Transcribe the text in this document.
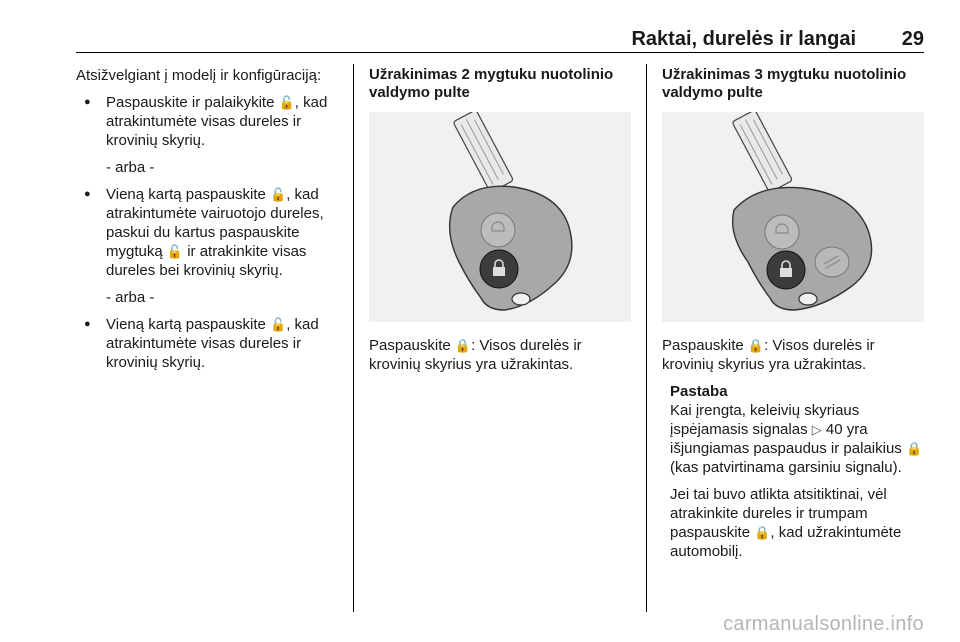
Raktai, durelės ir langai 29

Atsižvelgiant į modelį ir konfigūraciją:

● Paspauskite ir palaikykite 🔓, kad atrakintumėte visas dureles ir krovinių skyrių.
- arba -
● Vieną kartą paspauskite 🔓, kad atrakintumėte vairuotojo dureles, paskui du kartus paspauskite mygtuką 🔓 ir atrakinkite visas dureles bei krovinių skyrių.
- arba -
● Vieną kartą paspauskite 🔓, kad atrakintumėte visas dureles ir krovinių skyrių.
Užrakinimas 2 mygtuku nuotolinio valdymo pulte

Paspauskite 🔒: Visos durelės ir krovinių skyrius yra užrakintas.

Užrakinimas 3 mygtuku nuotolinio valdymo pulte

Paspauskite 🔒: Visos durelės ir krovinių skyrius yra užrakintas.

Pastaba

Kai įrengta, keleivių skyriaus įspėjamasis signalas ▷ 40 yra išjungiamas paspaudus ir palaikius 🔒 (kas patvirtinama garsiniu signalu).

Jei tai buvo atlikta atsitiktinai, vėl atrakinkite dureles ir trumpam paspauskite 🔒, kad užrakintumėte automobilį.

carmanualsonline.info
